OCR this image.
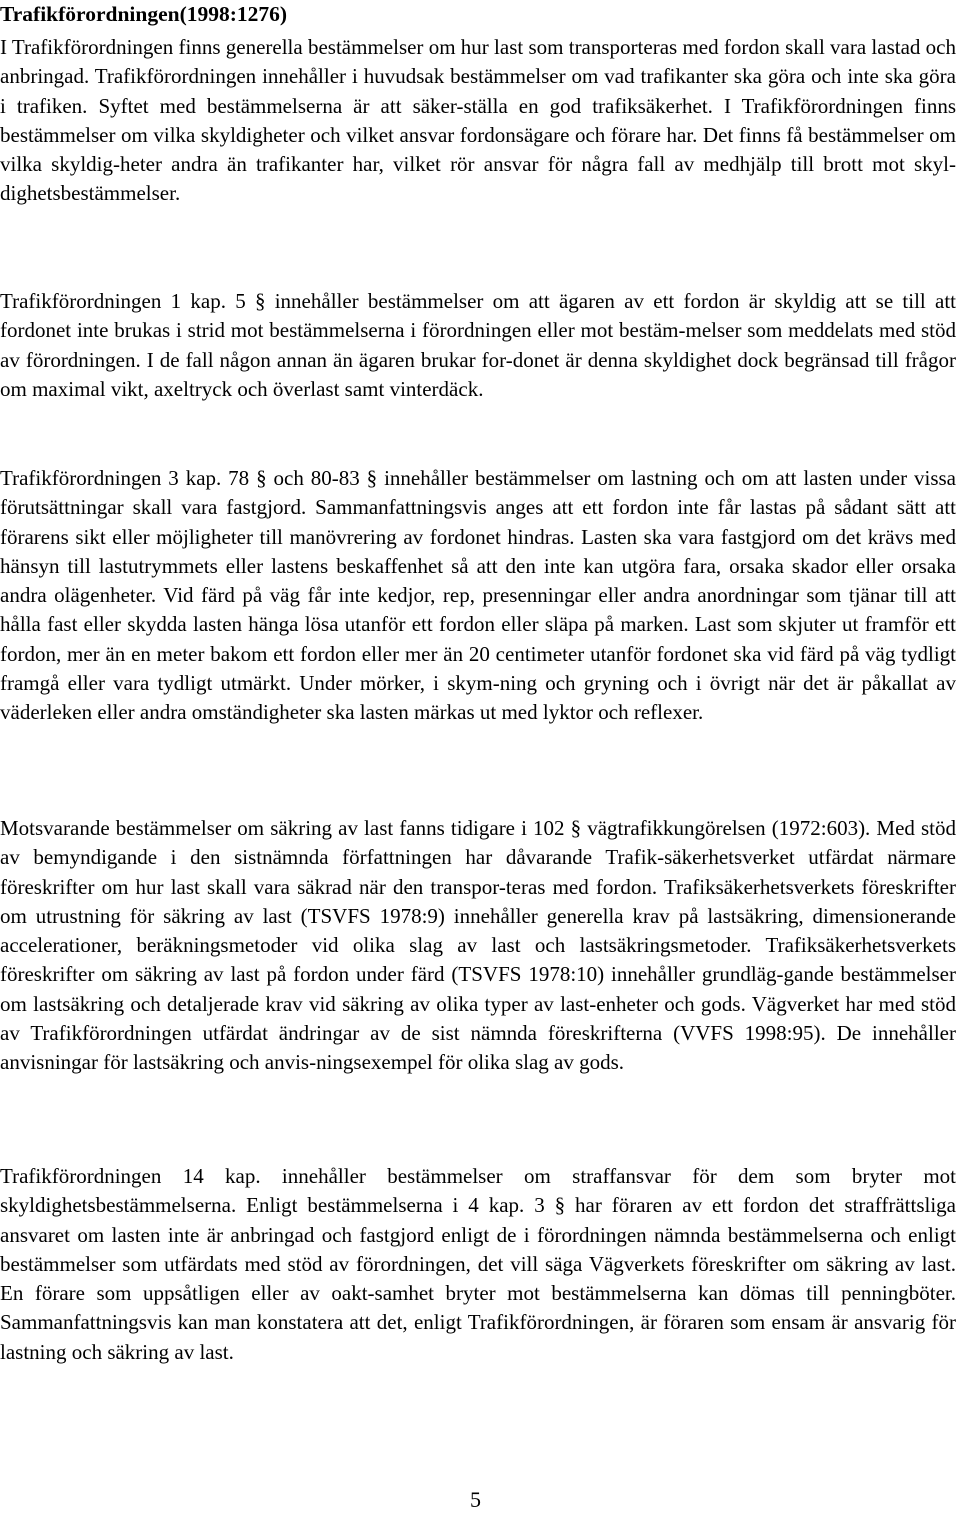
Trafikförordningen(1998:1276)

I Trafikförordningen finns generella bestämmelser om hur last som transporteras med fordon skall vara lastad och anbringad. Trafikförordningen innehåller i huvudsak bestämmelser om vad trafikanter ska göra och inte ska göra i trafiken. Syftet med bestämmelserna är att säker-ställa en god trafiksäkerhet. I Trafikförordningen finns bestämmelser om vilka skyldigheter och vilket ansvar fordonsägare och förare har. Det finns få bestämmelser om vilka skyldig-heter andra än trafikanter har, vilket rör ansvar för några fall av medhjälp till brott mot skyl-dighetsbestämmelser.

Trafikförordningen 1 kap. 5 § innehåller bestämmelser om att ägaren av ett fordon är skyldig att se till att fordonet inte brukas i strid mot bestämmelserna i förordningen eller mot bestäm-melser som meddelats med stöd av förordningen. I de fall någon annan än ägaren brukar for-donet är denna skyldighet dock begränsad till frågor om maximal vikt, axeltryck och överlast samt vinterdäck.

Trafikförordningen 3 kap. 78 § och 80-83 § innehåller bestämmelser om lastning och om att lasten under vissa förutsättningar skall vara fastgjord. Sammanfattningsvis anges att ett fordon inte får lastas på sådant sätt att förarens sikt eller möjligheter till manövrering av fordonet hindras. Lasten ska vara fastgjord om det krävs med hänsyn till lastutrymmets eller lastens beskaffenhet så att den inte kan utgöra fara, orsaka skador eller orsaka andra olägenheter. Vid färd på väg får inte kedjor, rep, presenningar eller andra anordningar som tjänar till att hålla fast eller skydda lasten hänga lösa utanför ett fordon eller släpa på marken. Last som skjuter ut framför ett fordon, mer än en meter bakom ett fordon eller mer än 20 centimeter utanför fordonet ska vid färd på väg tydligt framgå eller vara tydligt utmärkt. Under mörker, i skym-ning och gryning och i övrigt när det är påkallat av väderleken eller andra omständigheter ska lasten märkas ut med lyktor och reflexer.

Motsvarande bestämmelser om säkring av last fanns tidigare i 102 § vägtrafikkungörelsen (1972:603). Med stöd av bemyndigande i den sistnämnda författningen har dåvarande Trafik-säkerhetsverket utfärdat närmare föreskrifter om hur last skall vara säkrad när den transpor-teras med fordon. Trafiksäkerhetsverkets föreskrifter om utrustning för säkring av last (TSVFS 1978:9) innehåller generella krav på lastsäkring, dimensionerande accelerationer, beräkningsmetoder vid olika slag av last och lastsäkringsmetoder. Trafiksäkerhetsverkets föreskrifter om säkring av last på fordon under färd (TSVFS 1978:10) innehåller grundläg-gande bestämmelser om lastsäkring och detaljerade krav vid säkring av olika typer av last-enheter och gods. Vägverket har med stöd av Trafikförordningen utfärdat ändringar av de sist nämnda föreskrifterna (VVFS 1998:95). De innehåller anvisningar för lastsäkring och anvis-ningsexempel för olika slag av gods.

Trafikförordningen 14 kap. innehåller bestämmelser om straffansvar för dem som bryter mot skyldighetsbestämmelserna. Enligt bestämmelserna i 4 kap. 3 § har föraren av ett fordon det straffrättsliga ansvaret om lasten inte är anbringad och fastgjord enligt de i förordningen nämnda bestämmelserna och enligt bestämmelser som utfärdats med stöd av förordningen, det vill säga Vägverkets föreskrifter om säkring av last. En förare som uppsåtligen eller av oakt-samhet bryter mot bestämmelserna kan dömas till penningböter. Sammanfattningsvis kan man konstatera att det, enligt Trafikförordningen, är föraren som ensam är ansvarig för lastning och säkring av last.

5
